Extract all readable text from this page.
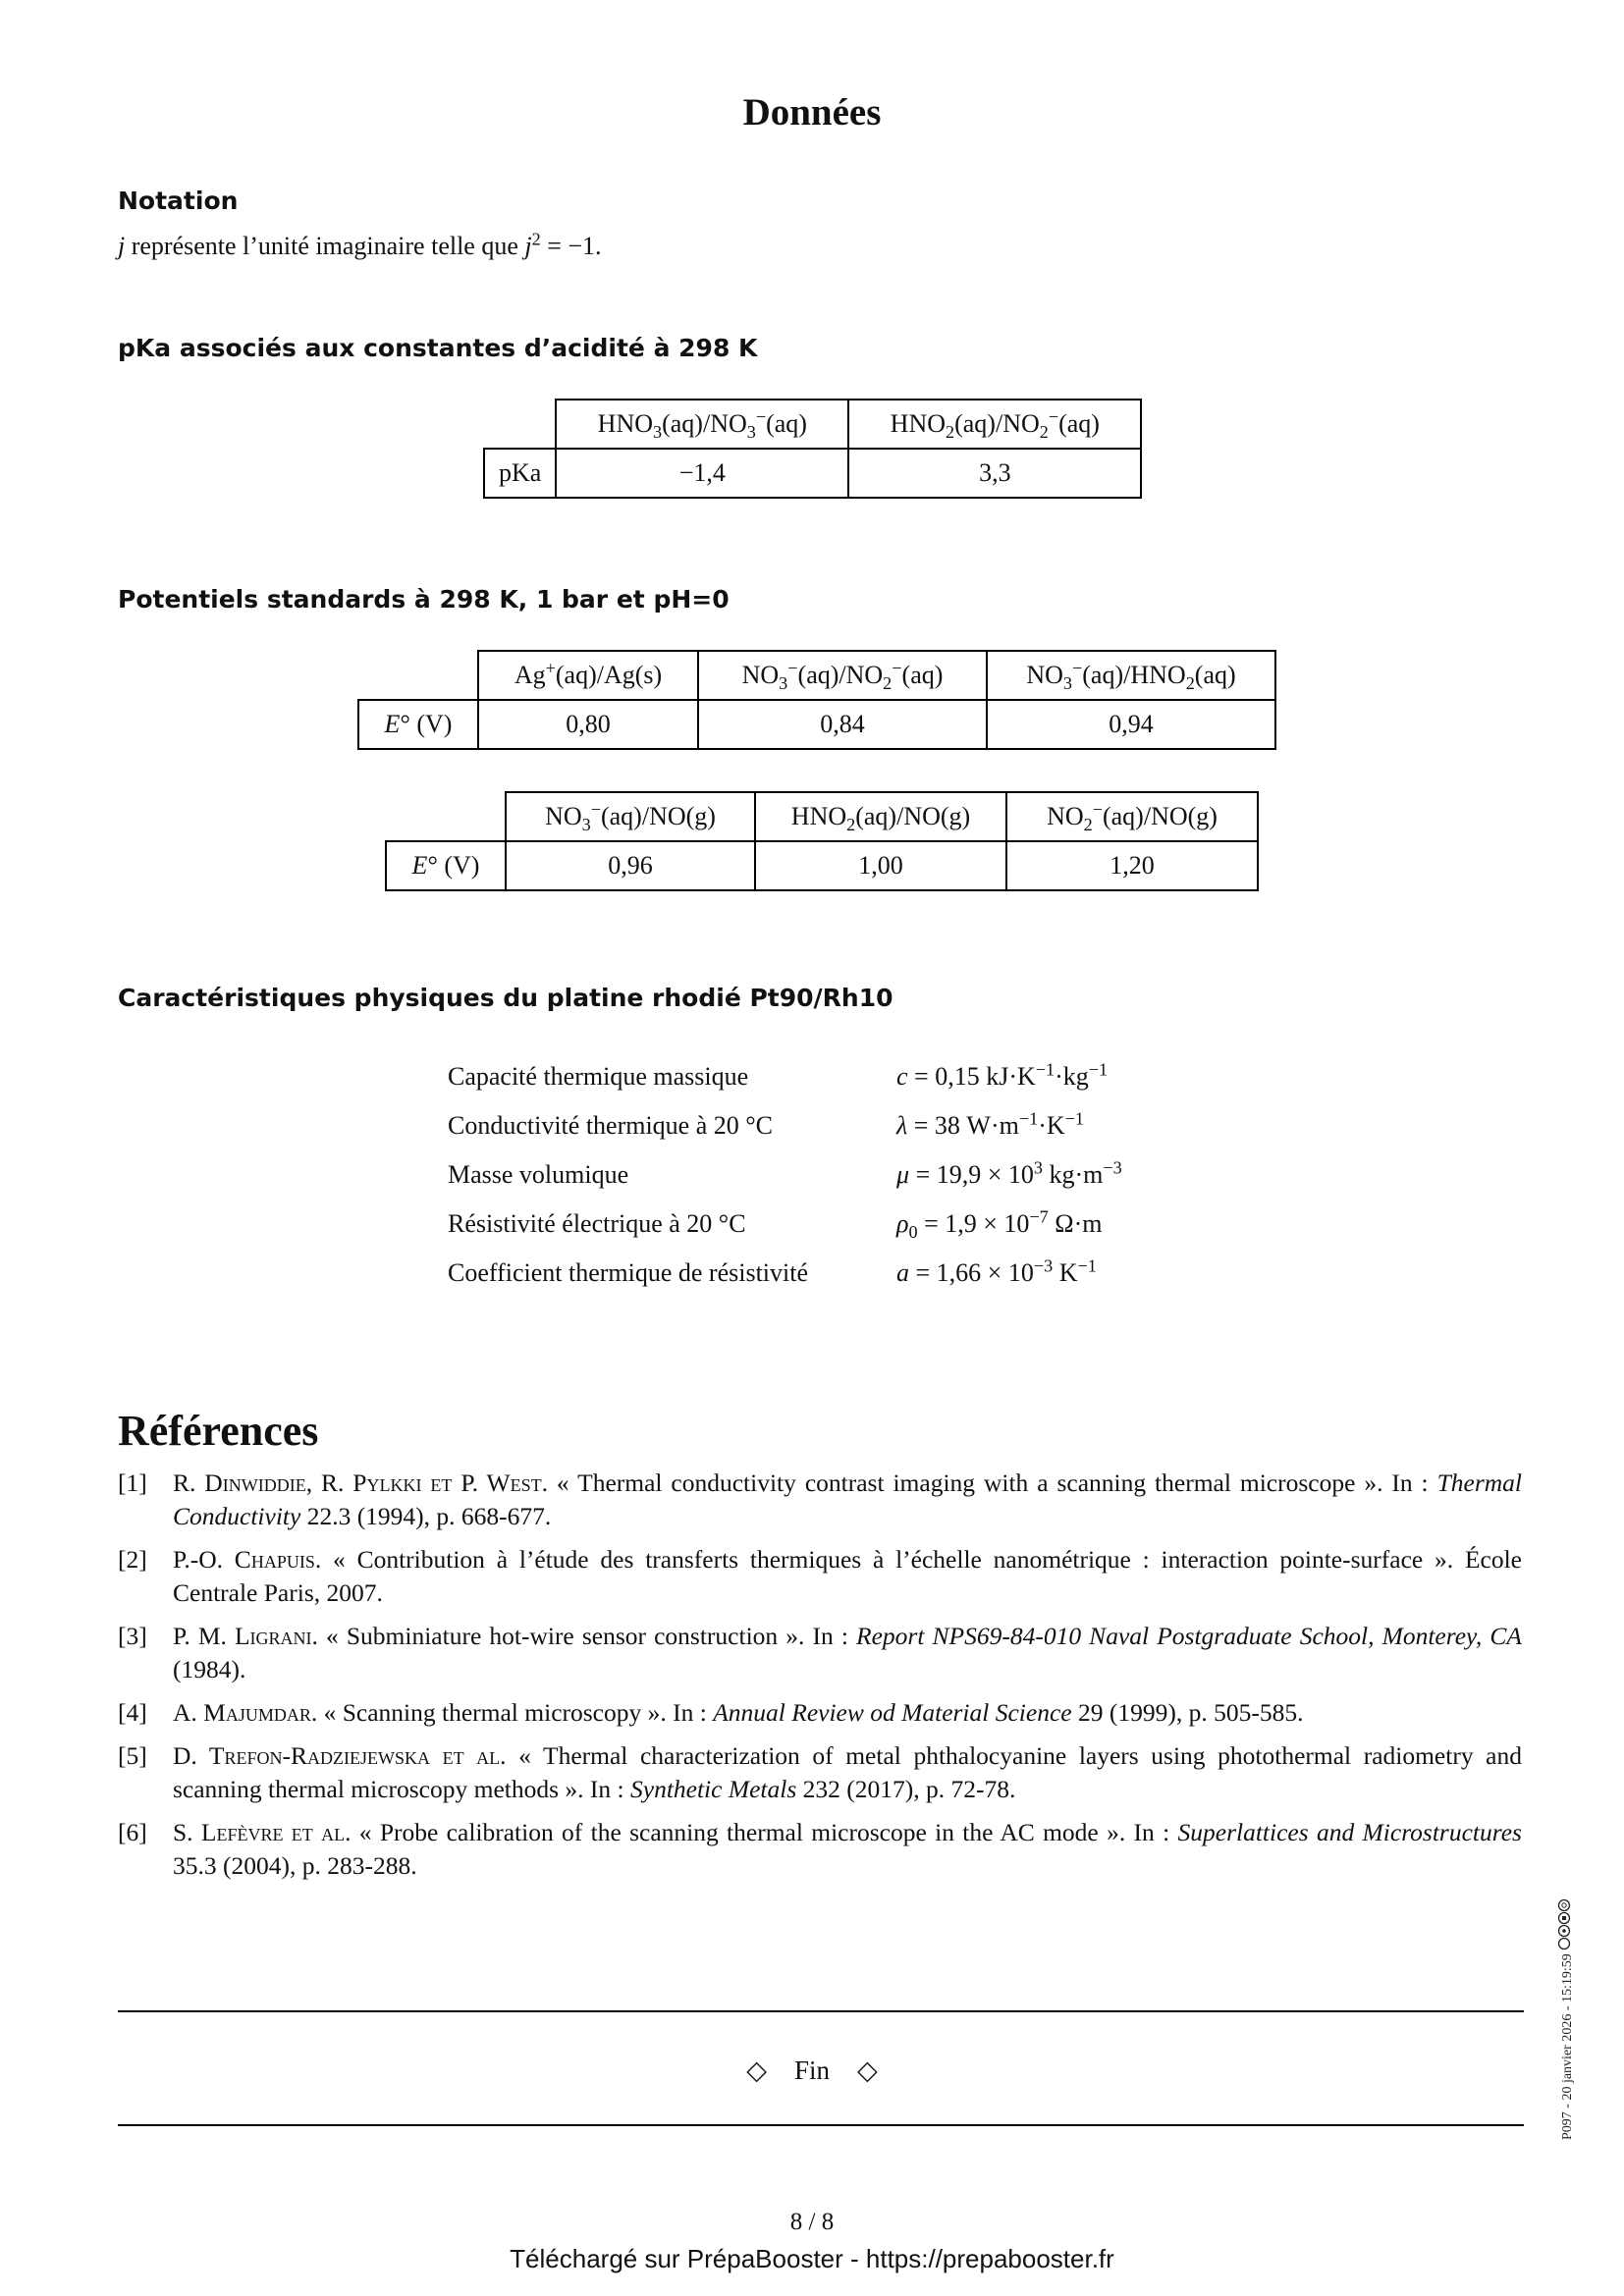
Données
Notation
j représente l’unité imaginaire telle que $j^2 = -1$.
pKa associés aux constantes d’acidité à 298 K
	$HNO_3(aq)/NO_3^-(aq)$	$HNO_2(aq)/NO_2^-(aq)$
pKa	−1,4	3,3
Potentiels standards à 298 K, 1 bar et pH=0
	Ag+(aq)/Ag(s)	$NO_3^-(aq)/NO_2^-(aq)$	$NO_3^-(aq)/HNO_2(aq)$
E° (V)	0,80	0,84	0,94
	$NO_3^-(aq)/NO(g)$	$HNO_2(aq)/NO(g)$	$NO_2^-(aq)/NO(g)$
E° (V)	0,96	1,00	1,20
Caractéristiques physiques du platine rhodié Pt90/Rh10
Capacité thermique massique	c = 0,15 $kJ\cdot K^{-1}\cdot kg^{-1}$
Conductivité thermique à 20 °C	λ = 38 $W\cdot m^{-1}\cdot K^{-1}$
Masse volumique	$\mu = 19,9 \times 10^3$ $kg\cdot m^{-3}$
Résistivité électrique à 20 °C	$\rho_0 = 1,9 \times 10^{-7}$ Ω·m
Coefficient thermique de résistivité	$a = 1,66 \times 10^{-3}$ $K^{-1}$
Références
[1] R. Dinwiddie, R. Pylkki et P. West. « Thermal conductivity contrast imaging with a scanning thermal microscope ». In : Thermal Conductivity 22.3 (1994), p. 668-677.
[2] P.-O. Chapuis. « Contribution à l’étude des transferts thermiques à l’échelle nanométrique : interaction pointe-surface ». École Centrale Paris, 2007.
[3] P. M. Ligrani. « Subminiature hot-wire sensor construction ». In : Report NPS69-84-010 Naval Postgraduate School, Monterey, CA (1984).
[4] A. Majumdar. « Scanning thermal microscopy ». In : Annual Review od Material Science 29 (1999), p. 505-585.
[5] D. Trefon-Radziejewska et al. « Thermal characterization of metal phthalocyanine layers using photothermal radiometry and scanning thermal microscopy methods ». In : Synthetic Metals 232 (2017), p. 72-78.
[6] S. Lefèvre et al. « Probe calibration of the scanning thermal microscope in the AC mode ». In : Superlattices and Microstructures 35.3 (2004), p. 283-288.
◇ Fin ◇
8 / 8
Téléchargé sur PrépaBooster - https://prepabooster.fr
P097 - 20 janvier 2026 - 15:19:59
